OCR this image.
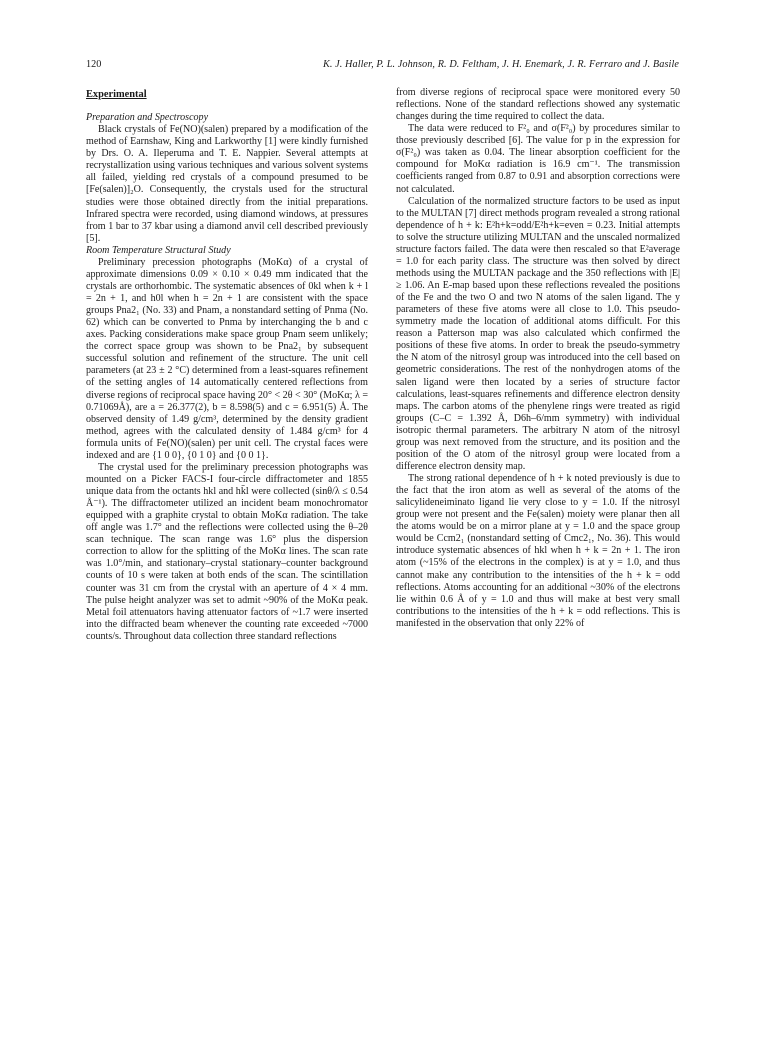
120	K. J. Haller, P. L. Johnson, R. D. Feltham, J. H. Enemark, J. R. Ferraro and J. Basile
Experimental
Preparation and Spectroscopy

Black crystals of Fe(NO)(salen) prepared by a modification of the method of Earnshaw, King and Larkworthy [1] were kindly furnished by Drs. O. A. Ileperuma and T. E. Nappier. Several attempts at recrystallization using various techniques and various solvent systems all failed, yielding red crystals of a compound presumed to be [Fe(salen)]₂O. Consequently, the crystals used for the structural studies were those obtained directly from the initial preparations. Infrared spectra were recorded, using diamond windows, at pressures from 1 bar to 37 kbar using a diamond anvil cell described previously [5].

Room Temperature Structural Study

Preliminary precession photographs (MoKα) of a crystal of approximate dimensions 0.09 × 0.10 × 0.49 mm indicated that the crystals are orthorhombic. The systematic absences of 0kl when k + l = 2n + 1, and h0l when h = 2n + 1 are consistent with the space groups Pna2₁ (No. 33) and Pnam, a nonstandard setting of Pnma (No. 62) which can be converted to Pnma by interchanging the b and c axes. Packing considerations make space group Pnam seem unlikely; the correct space group was shown to be Pna2₁ by subsequent successful solution and refinement of the structure. The unit cell parameters (at 23 ± 2 °C) determined from a least-squares refinement of the setting angles of 14 automatically centered reflections from diverse regions of reciprocal space having 20° < 2θ < 30° (MoKα; λ = 0.71069Å), are a = 26.377(2), b = 8.598(5) and c = 6.951(5) Å. The observed density of 1.49 g/cm³, determined by the density gradient method, agrees with the calculated density of 1.484 g/cm³ for 4 formula units of Fe(NO)(salen) per unit cell. The crystal faces were indexed and are {1 0 0}, {0 1 0} and {0 0 1}.

The crystal used for the preliminary precession photographs was mounted on a Picker FACS-I four-circle diffractometer and 1855 unique data from the octants hkl and hk̄l were collected (sinθ/λ ≤ 0.54 Å⁻¹). The diffractometer utilized an incident beam monochromator equipped with a graphite crystal to obtain MoKα radiation. The take off angle was 1.7° and the reflections were collected using the θ–2θ scan technique. The scan range was 1.6° plus the dispersion correction to allow for the splitting of the MoKα lines. The scan rate was 1.0°/min, and stationary–crystal stationary–counter background counts of 10 s were taken at both ends of the scan. The scintillation counter was 31 cm from the crystal with an aperture of 4 × 4 mm. The pulse height analyzer was set to admit ~90% of the MoKα peak. Metal foil attenuators having attenuator factors of ~1.7 were inserted into the diffracted beam whenever the counting rate exceeded ~7000 counts/s. Throughout data collection three standard reflections

from diverse regions of reciprocal space were monitored every 50 reflections. None of the standard reflections showed any systematic changes during the time required to collect the data.

The data were reduced to F²₀ and σ(F²₀) by procedures similar to those previously described [6]. The value for p in the expression for σ(F²₀) was taken as 0.04. The linear absorption coefficient for the compound for MoKα radiation is 16.9 cm⁻¹. The transmission coefficients ranged from 0.87 to 0.91 and absorption corrections were not calculated.

Calculation of the normalized structure factors to be used as input to the MULTAN [7] direct methods program revealed a strong rational dependence of h + k: E²h+k=odd/E²h+k=even = 0.23. Initial attempts to solve the structure utilizing MULTAN and the unscaled normalized structure factors failed. The data were then rescaled so that E²average = 1.0 for each parity class. The structure was then solved by direct methods using the MULTAN package and the 350 reflections with |E| ≥ 1.06. An E-map based upon these reflections revealed the positions of the Fe and the two O and two N atoms of the salen ligand. The y parameters of these five atoms were all close to 1.0. This pseudo-symmetry made the location of additional atoms difficult. For this reason a Patterson map was also calculated which confirmed the positions of these five atoms. In order to break the pseudo-symmetry the N atom of the nitrosyl group was introduced into the cell based on geometric considerations. The rest of the nonhydrogen atoms of the salen ligand were then located by a series of structure factor calculations, least-squares refinements and difference electron density maps. The carbon atoms of the phenylene rings were treated as rigid groups (C–C = 1.392 Å, D6h–6/mm symmetry) with individual isotropic thermal parameters. The arbitrary N atom of the nitrosyl group was next removed from the structure, and its position and the position of the O atom of the nitrosyl group were located from a difference electron density map.

The strong rational dependence of h + k noted previously is due to the fact that the iron atom as well as several of the atoms of the salicylideneiminato ligand lie very close to y = 1.0. If the nitrosyl group were not present and the Fe(salen) moiety were planar then all the atoms would be on a mirror plane at y = 1.0 and the space group would be Ccm2₁ (nonstandard setting of Cmc2₁, No. 36). This would introduce systematic absences of hkl when h + k = 2n + 1. The iron atom (~15% of the electrons in the complex) is at y = 1.0, and thus cannot make any contribution to the intensities of the h + k = odd reflections. Atoms accounting for an additional ~30% of the electrons lie within 0.6 Å of y = 1.0 and thus will make at best very small contributions to the intensities of the h + k = odd reflections. This is manifested in the observation that only 22% of
